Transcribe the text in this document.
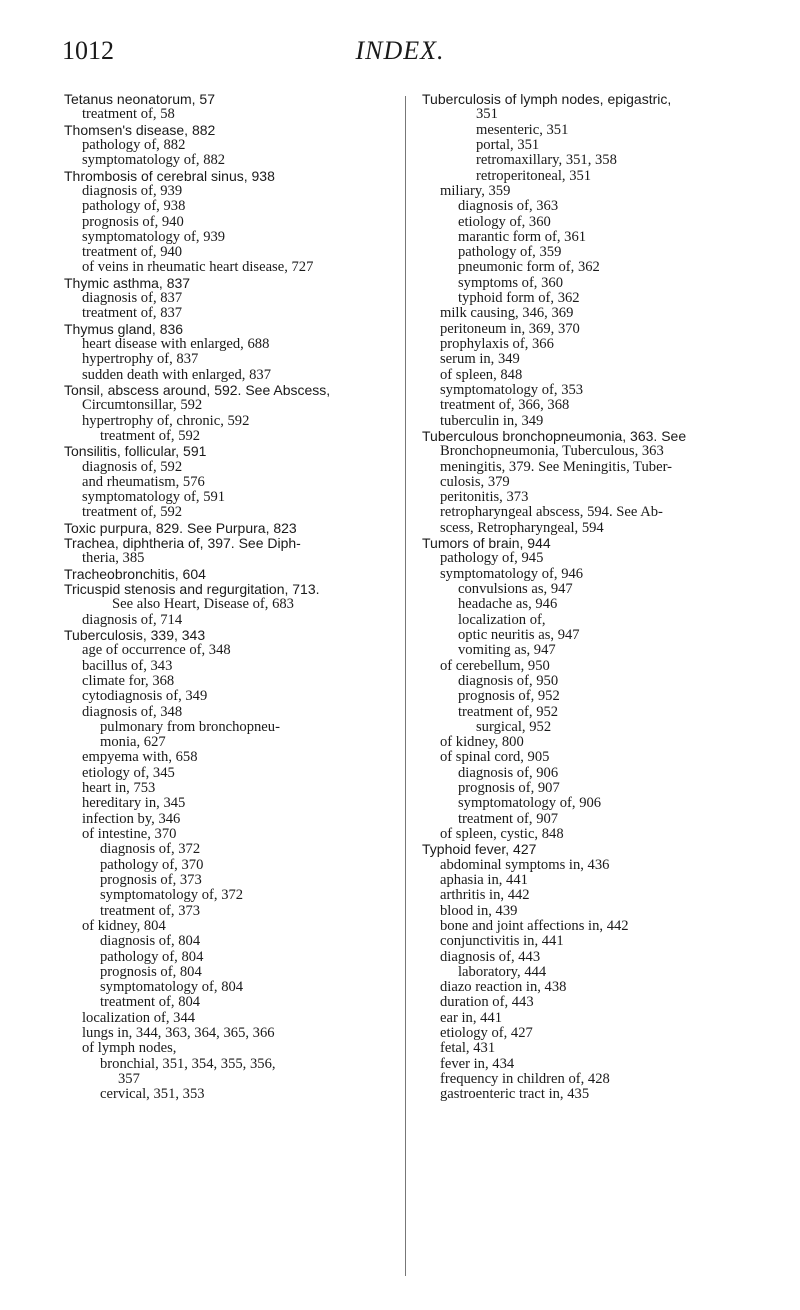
1012	INDEX.
Tetanus neonatorum, 57
treatment of, 58
Thomsen's disease, 882
pathology of, 882
symptomatology of, 882
Thrombosis of cerebral sinus, 938
diagnosis of, 939
pathology of, 938
prognosis of, 940
symptomatology of, 939
treatment of, 940
of veins in rheumatic heart disease, 727
Thymic asthma, 837
diagnosis of, 837
treatment of, 837
Thymus gland, 836
heart disease with enlarged, 688
hypertrophy of, 837
sudden death with enlarged, 837
Tonsil, abscess around, 592. See Abscess,
Circumtonsillar, 592
hypertrophy of, chronic, 592
treatment of, 592
Tonsilitis, follicular, 591
diagnosis of, 592
and rheumatism, 576
symptomatology of, 591
treatment of, 592
Toxic purpura, 829. See Purpura, 823
Trachea, diphtheria of, 397. See Diph-
theria, 385
Tracheobronchitis, 604
Tricuspid stenosis and regurgitation, 713.
See also Heart, Disease of, 683
diagnosis of, 714
Tuberculosis, 339, 343
age of occurrence of, 348
bacillus of, 343
climate for, 368
cytodiagnosis of, 349
diagnosis of, 348
pulmonary from bronchopneu-
monia, 627
empyema with, 658
etiology of, 345
heart in, 753
hereditary in, 345
infection by, 346
of intestine, 370
diagnosis of, 372
pathology of, 370
prognosis of, 373
symptomatology of, 372
treatment of, 373
of kidney, 804
diagnosis of, 804
pathology of, 804
prognosis of, 804
symptomatology of, 804
treatment of, 804
localization of, 344
lungs in, 344, 363, 364, 365, 366
of lymph nodes,
bronchial, 351, 354, 355, 356,
357
cervical, 351, 353
Tuberculosis of lymph nodes, epigastric,
351
mesenteric, 351
portal, 351
retromaxillary, 351, 358
retroperitoneal, 351
miliary, 359
diagnosis of, 363
etiology of, 360
marantic form of, 361
pathology of, 359
pneumonic form of, 362
symptoms of, 360
typhoid form of, 362
milk causing, 346, 369
peritoneum in, 369, 370
prophylaxis of, 366
serum in, 349
of spleen, 848
symptomatology of, 353
treatment of, 366, 368
tuberculin in, 349
Tuberculous bronchopneumonia, 363. See
Bronchopneumonia, Tuberculous, 363
meningitis, 379. See Meningitis, Tuber-
culosis, 379
peritonitis, 373
retropharyngeal abscess, 594. See Ab-
scess, Retropharyngeal, 594
Tumors of brain, 944
pathology of, 945
symptomatology of, 946
convulsions as, 947
headache as, 946
localization of,
optic neuritis as, 947
vomiting as, 947
of cerebellum, 950
diagnosis of, 950
prognosis of, 952
treatment of, 952
surgical, 952
of kidney, 800
of spinal cord, 905
diagnosis of, 906
prognosis of, 907
symptomatology of, 906
treatment of, 907
of spleen, cystic, 848
Typhoid fever, 427
abdominal symptoms in, 436
aphasia in, 441
arthritis in, 442
blood in, 439
bone and joint affections in, 442
conjunctivitis in, 441
diagnosis of, 443
laboratory, 444
diazo reaction in, 438
duration of, 443
ear in, 441
etiology of, 427
fetal, 431
fever in, 434
frequency in children of, 428
gastroenteric tract in, 435
